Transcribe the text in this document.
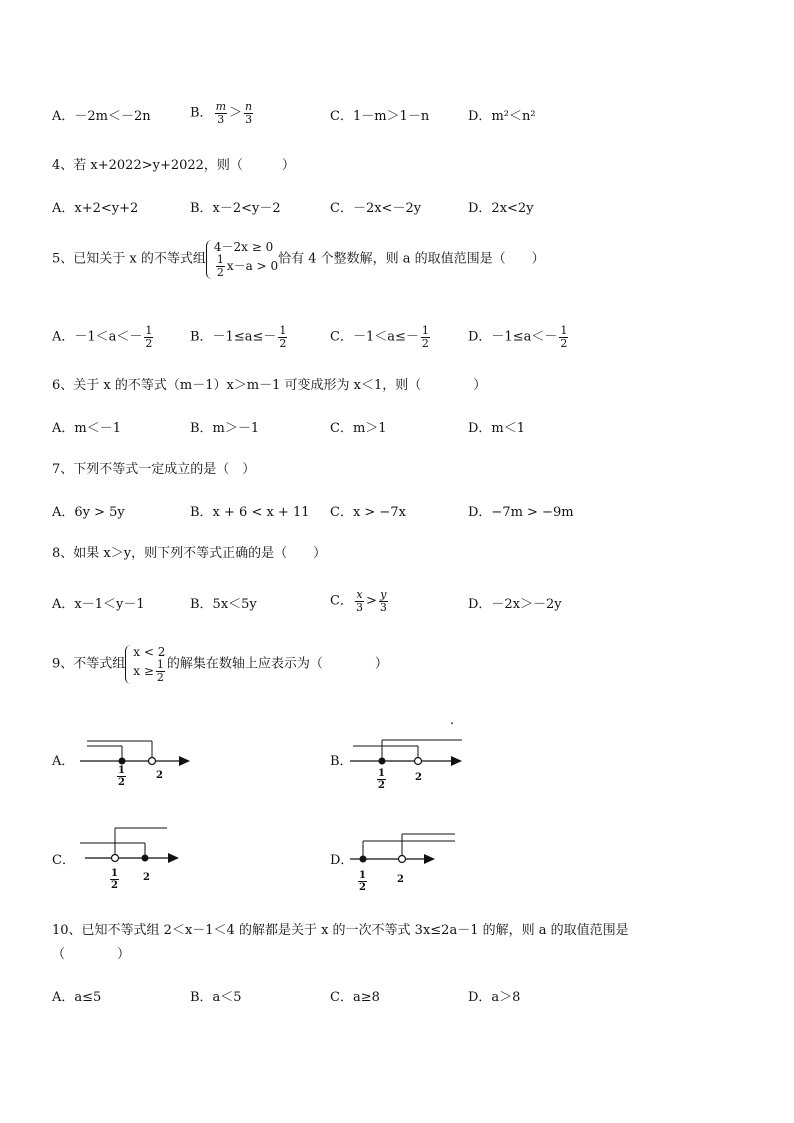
A．－2m＜－2n	B． $\frac{m}{3} > \frac{n}{3}$	C．1－m＞1－n	D．m²＜n²
4、若 x+2022>y+2022，则（　　　）
A．x+2<y+2	B．x－2<y－2	C．－2x<－2y	D．2x<2y
5、已知关于 x 的不等式组
4－2x ≥ 0
$\frac{1}{2} x-a > 0$ 恰有 4 个整数解，则 a 的取值范围是（　　）
A．$-1<a<- \frac{1}{2}$	B．$-1\le a\le- \frac{1}{2}$	C．$-1<a\le- \frac{1}{2}$	D．$-1\le a<- \frac{1}{2}$
6、关于 x 的不等式（m－1）x＞m－1 可变成形为 x＜1，则（　　　　）
A．m＜－1	B．m＞－1	C．m＞1	D．m＜1
7、下列不等式一定成立的是（　）
A．6y > 5y	B．x + 6 < x + 11 C．x > −7x	D．−7m > −9m
8、如果 x＞y，则下列不等式正确的是（　　）
A．x－1＜y－1	B．5x＜5y	C． $\frac{x}{3} > \frac{y}{3}$	D．－2x＞－2y
9、不等式组
x < 2
$x \ge \frac{1}{2}$ 的解集在数轴上应表示为（　　　　）
.
A．
$\frac{1}{2}$	2
B．
$\frac{1}{2}$	2
C．
$\frac{1}{2} 2$
D．
$\frac{1}{2}$	2
10、已知不等式组 2＜x－1＜4 的解都是关于 x 的一次不等式 3x≤2a－1 的解，则 a 的取值范围是
（　　　　）
A．a≤5	B．a＜5	C．a≥8	D．a＞8
